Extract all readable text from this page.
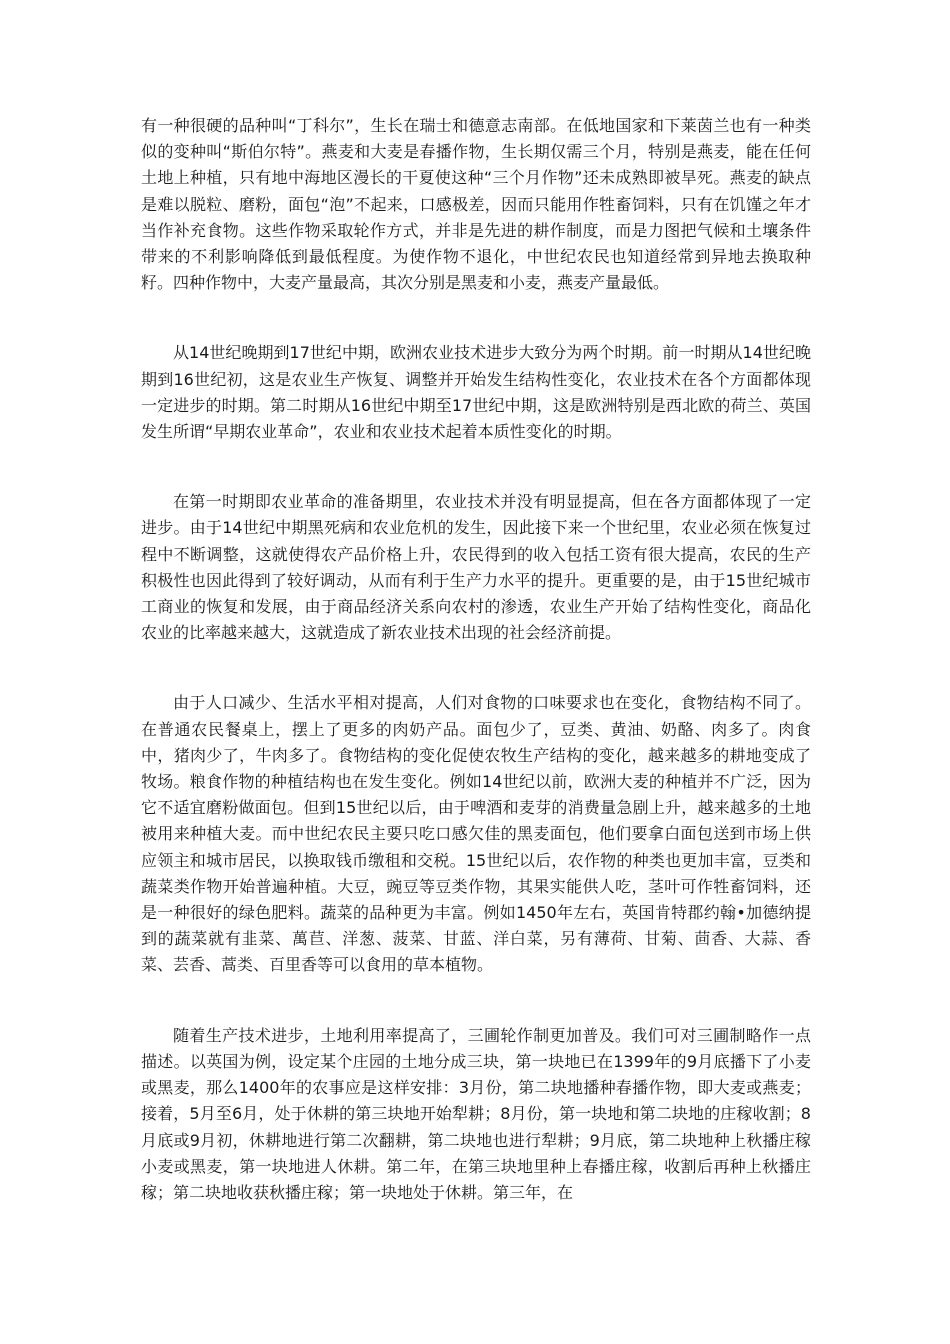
有一种很硬的品种叫“丁科尔”，生长在瑞士和德意志南部。在低地国家和下莱茵兰也有一种类似的变种叫“斯伯尔特”。燕麦和大麦是春播作物，生长期仅需三个月，特别是燕麦，能在任何土地上种植，只有地中海地区漫长的干夏使这种“三个月作物”还未成熟即被旱死。燕麦的缺点是难以脱粒、磨粉，面包“泡”不起来，口感极差，因而只能用作牲畜饲料，只有在饥馑之年才当作补充食物。这些作物采取轮作方式，并非是先进的耕作制度，而是力图把气候和土壤条件带来的不利影响降低到最低程度。为使作物不退化，中世纪农民也知道经常到异地去换取种籽。四种作物中，大麦产量最高，其次分别是黑麦和小麦，燕麦产量最低。

从14世纪晚期到17世纪中期，欧洲农业技术进步大致分为两个时期。前一时期从14世纪晚期到16世纪初，这是农业生产恢复、调整并开始发生结构性变化，农业技术在各个方面都体现一定进步的时期。第二时期从16世纪中期至17世纪中期，这是欧洲特别是西北欧的荷兰、英国发生所谓“早期农业革命”，农业和农业技术起着本质性变化的时期。

在第一时期即农业革命的准备期里，农业技术并没有明显提高，但在各方面都体现了一定进步。由于14世纪中期黑死病和农业危机的发生，因此接下来一个世纪里，农业必须在恢复过程中不断调整，这就使得农产品价格上升，农民得到的收入包括工资有很大提高，农民的生产积极性也因此得到了较好调动，从而有利于生产力水平的提升。更重要的是，由于15世纪城市工商业的恢复和发展，由于商品经济关系向农村的渗透，农业生产开始了结构性变化，商品化农业的比率越来越大，这就造成了新农业技术出现的社会经济前提。

由于人口减少、生活水平相对提高，人们对食物的口味要求也在变化，食物结构不同了。在普通农民餐桌上，摆上了更多的肉奶产品。面包少了，豆类、黄油、奶酪、肉多了。肉食中，猪肉少了，牛肉多了。食物结构的变化促使农牧生产结构的变化，越来越多的耕地变成了牧场。粮食作物的种植结构也在发生变化。例如14世纪以前，欧洲大麦的种植并不广泛，因为它不适宜磨粉做面包。但到15世纪以后，由于啤酒和麦芽的消费量急剧上升，越来越多的土地被用来种植大麦。而中世纪农民主要只吃口感欠佳的黑麦面包，他们要拿白面包送到市场上供应领主和城市居民，以换取钱币缴租和交税。15世纪以后，农作物的种类也更加丰富，豆类和蔬菜类作物开始普遍种植。大豆，豌豆等豆类作物，其果实能供人吃，茎叶可作牲畜饲料，还是一种很好的绿色肥料。蔬菜的品种更为丰富。例如1450年左右，英国肯特郡约翰•加德纳提到的蔬菜就有韭菜、萬苣、洋葱、菠菜、甘蓝、洋白菜，另有薄荷、甘菊、茴香、大蒜、香菜、芸香、蒿类、百里香等可以食用的草本植物。

随着生产技术进步，土地利用率提高了，三圃轮作制更加普及。我们可对三圃制略作一点描述。以英国为例，设定某个庄园的土地分成三块，第一块地已在1399年的9月底播下了小麦或黑麦，那么1400年的农事应是这样安排：3月份，第二块地播种春播作物，即大麦或燕麦；接着，5月至6月，处于休耕的第三块地开始犁耕；8月份，第一块地和第二块地的庄稼收割；8月底或9月初，休耕地进行第二次翻耕，第二块地也进行犁耕；9月底，第二块地种上秋播庄稼小麦或黑麦，第一块地进人休耕。第二年，在第三块地里种上春播庄稼，收割后再种上秋播庄稼；第二块地收获秋播庄稼；第一块地处于休耕。第三年，在
